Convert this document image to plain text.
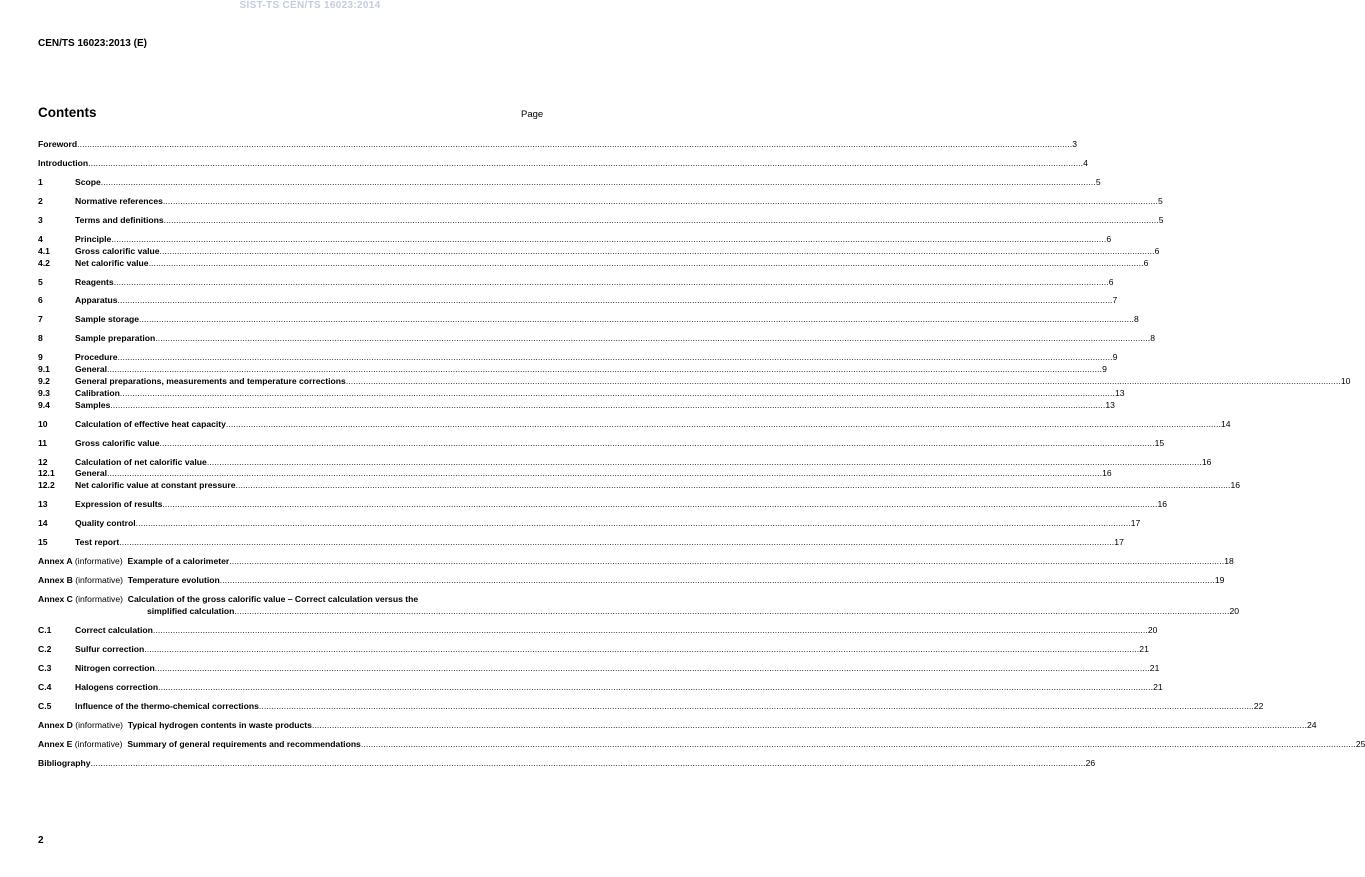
SIST-TS CEN/TS 16023:2014
CEN/TS 16023:2013 (E)
Contents	Page
Foreword................................................................................................................................................................................................................................................................................................................................................................................................................ 3
Introduction................................................................................................................................................................................................................................................................................................................................................................................................................ 4
1	Scope................................................................................................................................................................................................................................................................................................................................................................................................................ 5
2	Normative references................................................................................................................................................................................................................................................................................................................................................................................................................ 5
3	Terms and definitions................................................................................................................................................................................................................................................................................................................................................................................................................ 5
4	Principle................................................................................................................................................................................................................................................................................................................................................................................................................ 6
4.1	Gross calorific value................................................................................................................................................................................................................................................................................................................................................................................................................ 6
4.2	Net calorific value................................................................................................................................................................................................................................................................................................................................................................................................................ 6
5	Reagents................................................................................................................................................................................................................................................................................................................................................................................................................ 6
6	Apparatus................................................................................................................................................................................................................................................................................................................................................................................................................ 7
7	Sample storage................................................................................................................................................................................................................................................................................................................................................................................................................ 8
8	Sample preparation................................................................................................................................................................................................................................................................................................................................................................................................................ 8
9	Procedure................................................................................................................................................................................................................................................................................................................................................................................................................ 9
9.1	General................................................................................................................................................................................................................................................................................................................................................................................................................ 9
9.2	General preparations, measurements and temperature corrections................................................................................................................................................................................................................................................................................................................................................................................................................ 10
9.3	Calibration................................................................................................................................................................................................................................................................................................................................................................................................................ 13
9.4	Samples................................................................................................................................................................................................................................................................................................................................................................................................................ 13
10	Calculation of effective heat capacity................................................................................................................................................................................................................................................................................................................................................................................................................ 14
11	Gross calorific value................................................................................................................................................................................................................................................................................................................................................................................................................ 15
12	Calculation of net calorific value................................................................................................................................................................................................................................................................................................................................................................................................................ 16
12.1	General................................................................................................................................................................................................................................................................................................................................................................................................................ 16
12.2	Net calorific value at constant pressure................................................................................................................................................................................................................................................................................................................................................................................................................ 16
13	Expression of results................................................................................................................................................................................................................................................................................................................................................................................................................ 16
14	Quality control................................................................................................................................................................................................................................................................................................................................................................................................................ 17
15	Test report................................................................................................................................................................................................................................................................................................................................................................................................................ 17
Annex A (informative)  Example of a calorimeter................................................................................................................................................................................................................................................................................................................................................................................................................ 18
Annex B (informative)  Temperature evolution................................................................................................................................................................................................................................................................................................................................................................................................................ 19
Annex C (informative)  Calculation of the gross calorific value – Correct calculation versus the
simplified calculation................................................................................................................................................................................................................................................................................................................................................................................................................ 20
C.1	Correct calculation................................................................................................................................................................................................................................................................................................................................................................................................................ 20
C.2	Sulfur correction................................................................................................................................................................................................................................................................................................................................................................................................................ 21
C.3	Nitrogen correction................................................................................................................................................................................................................................................................................................................................................................................................................ 21
C.4	Halogens correction................................................................................................................................................................................................................................................................................................................................................................................................................ 21
C.5	Influence of the thermo-chemical corrections................................................................................................................................................................................................................................................................................................................................................................................................................ 22
Annex D (informative)  Typical hydrogen contents in waste products................................................................................................................................................................................................................................................................................................................................................................................................................ 24
Annex E (informative)  Summary of general requirements and recommendations................................................................................................................................................................................................................................................................................................................................................................................................................ 25
Bibliography................................................................................................................................................................................................................................................................................................................................................................................................................ 26
2
